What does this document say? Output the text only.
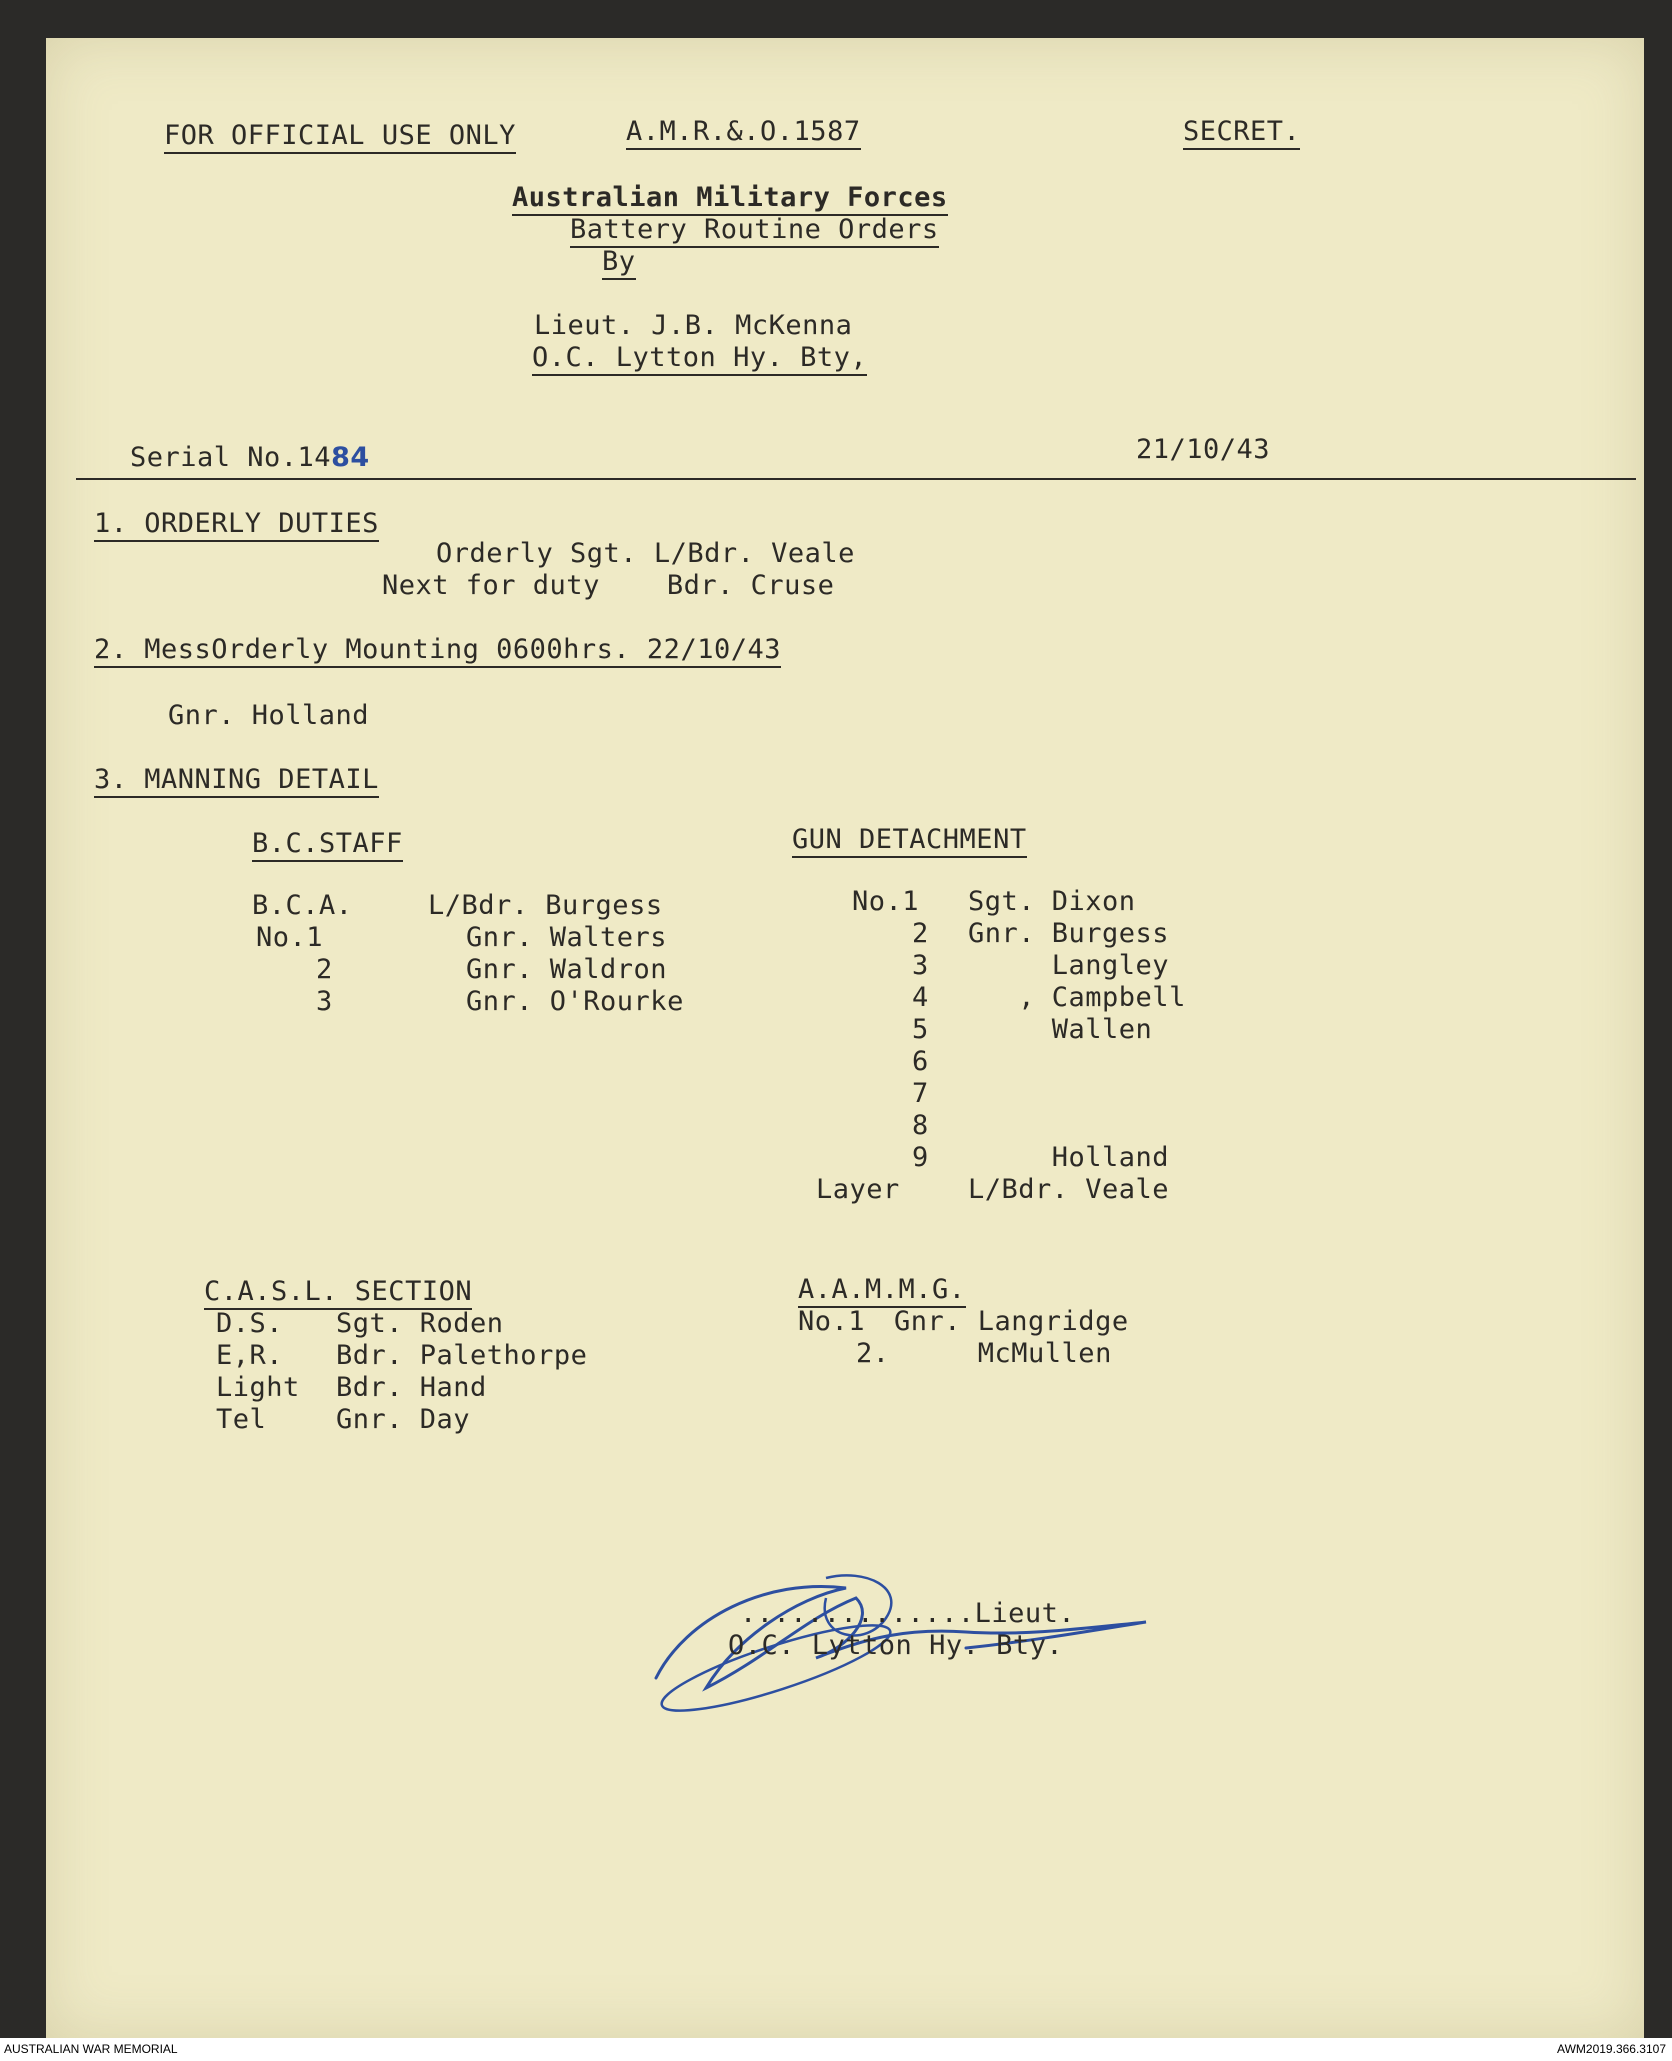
FOR OFFICIAL USE ONLY	A.M.R.&.O.1587	SECRET.
Australian Military Forces
Battery Routine Orders
By
Lieut. J.B. McKenna
O.C. Lytton Hy. Bty,
Serial No.1484	21/10/43
1. ORDERLY DUTIES
Orderly Sgt. L/Bdr. Veale
Next for duty    Bdr. Cruse
2. MessOrderly Mounting 0600hrs. 22/10/43
Gnr. Holland
3. MANNING DETAIL
B.C.STAFF
B.C.A.	L/Bdr. Burgess
No.1	Gnr. Walters
2	Gnr. Waldron
3	Gnr. O'Rourke
GUN DETACHMENT
No.1 Sgt. Dixon
2 Gnr. Burgess
3 Langley
4 , Campbell
5 Wallen
6
7
8
9 Holland
Layer	L/Bdr. Veale
C.A.S.L. SECTION
D.S. Sgt. Roden
E,R. Bdr. Palethorpe
Light Bdr. Hand
Tel	Gnr. Day
A.A.M.M.G.
No.1 Gnr. Langridge
2. McMullen
..............Lieut.
O.C. Lytton Hy. Bty.
AUSTRALIAN WAR MEMORIAL	AWM2019.366.3107
